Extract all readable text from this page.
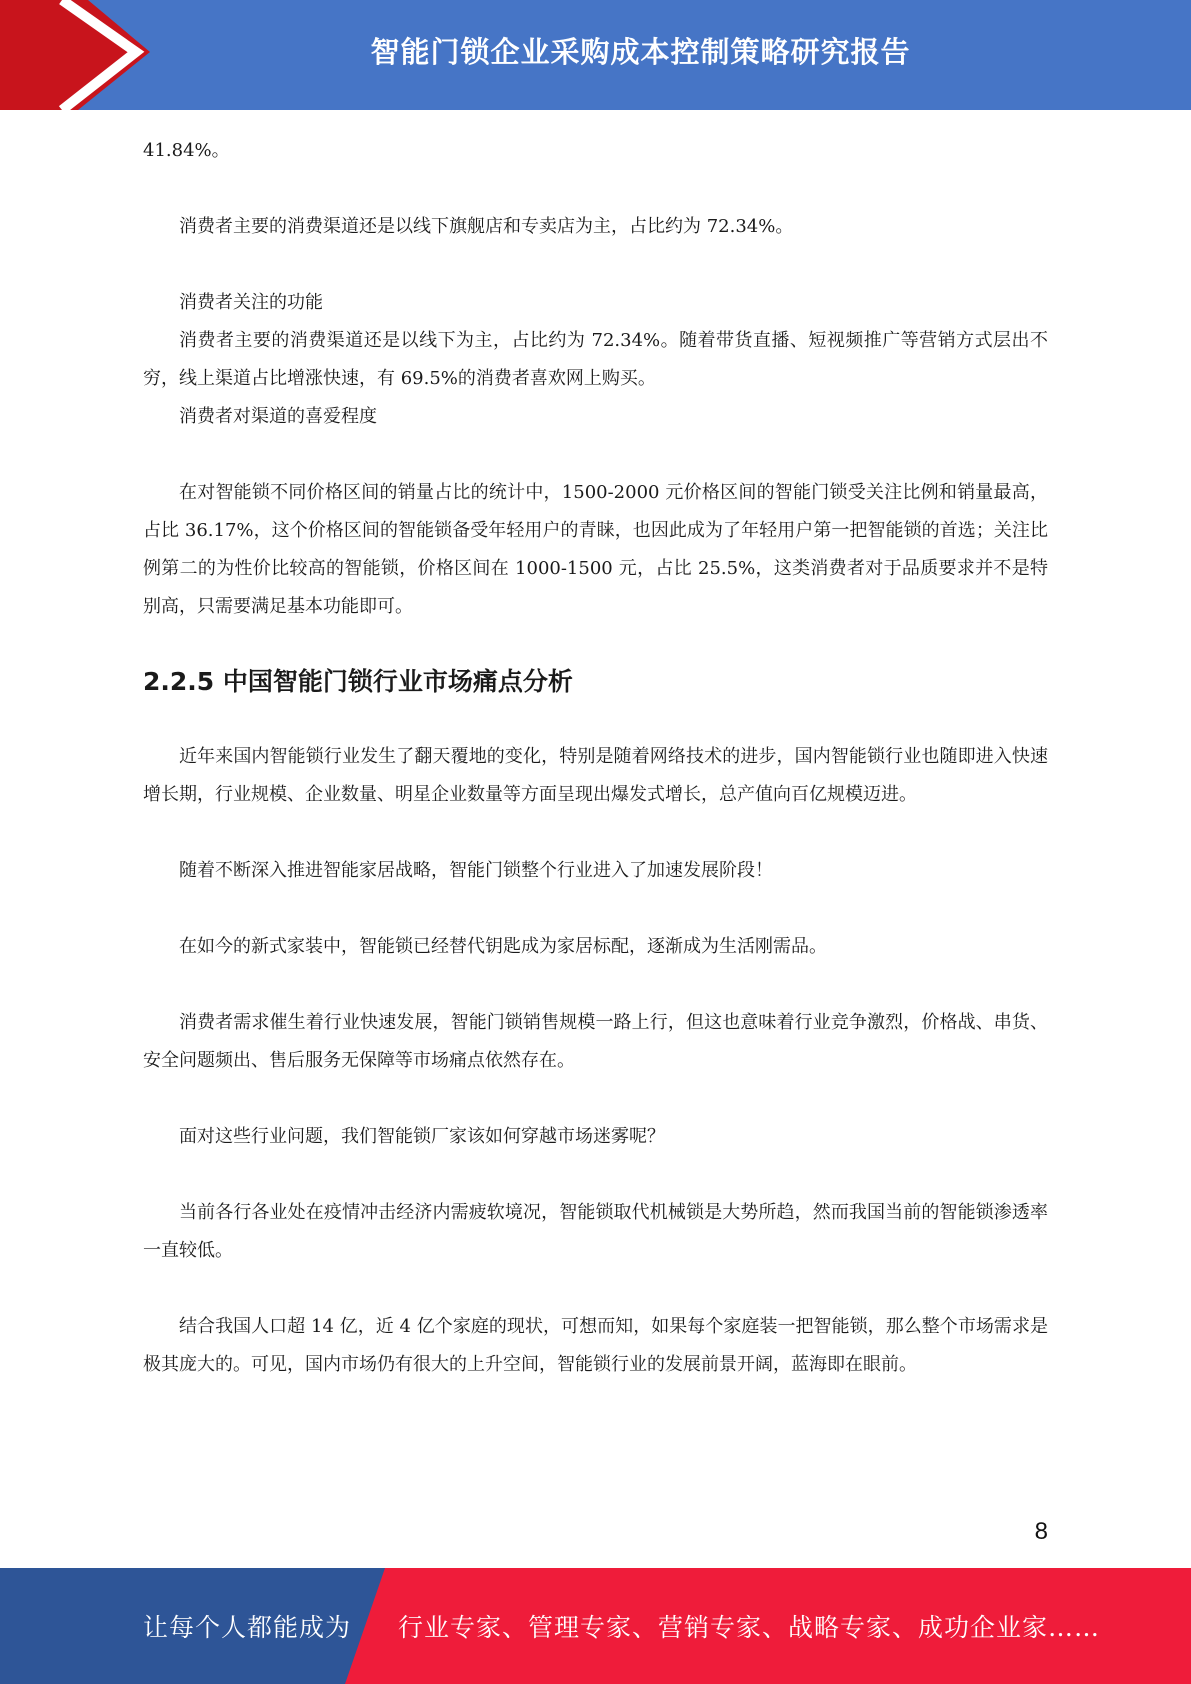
智能门锁企业采购成本控制策略研究报告

41.84%。

消费者主要的消费渠道还是以线下旗舰店和专卖店为主，占比约为 72.34%。

消费者关注的功能

消费者主要的消费渠道还是以线下为主，占比约为 72.34%。随着带货直播、短视频推广等营销方式层出不穷，线上渠道占比增涨快速，有 69.5%的消费者喜欢网上购买。

消费者对渠道的喜爱程度

在对智能锁不同价格区间的销量占比的统计中，1500-2000 元价格区间的智能门锁受关注比例和销量最高，占比 36.17%，这个价格区间的智能锁备受年轻用户的青睐，也因此成为了年轻用户第一把智能锁的首选；关注比例第二的为性价比较高的智能锁，价格区间在 1000-1500 元，占比 25.5%，这类消费者对于品质要求并不是特别高，只需要满足基本功能即可。

2.2.5 中国智能门锁行业市场痛点分析

近年来国内智能锁行业发生了翻天覆地的变化，特别是随着网络技术的进步，国内智能锁行业也随即进入快速增长期，行业规模、企业数量、明星企业数量等方面呈现出爆发式增长，总产值向百亿规模迈进。

随着不断深入推进智能家居战略，智能门锁整个行业进入了加速发展阶段！

在如今的新式家装中，智能锁已经替代钥匙成为家居标配，逐渐成为生活刚需品。

消费者需求催生着行业快速发展，智能门锁销售规模一路上行，但这也意味着行业竞争激烈，价格战、串货、安全问题频出、售后服务无保障等市场痛点依然存在。

面对这些行业问题，我们智能锁厂家该如何穿越市场迷雾呢？

当前各行各业处在疫情冲击经济内需疲软境况，智能锁取代机械锁是大势所趋，然而我国当前的智能锁渗透率一直较低。

结合我国人口超 14 亿，近 4 亿个家庭的现状，可想而知，如果每个家庭装一把智能锁，那么整个市场需求是极其庞大的。可见，国内市场仍有很大的上升空间，智能锁行业的发展前景开阔，蓝海即在眼前。

8
让每个人都能成为 行业专家、管理专家、营销专家、战略专家、成功企业家……
